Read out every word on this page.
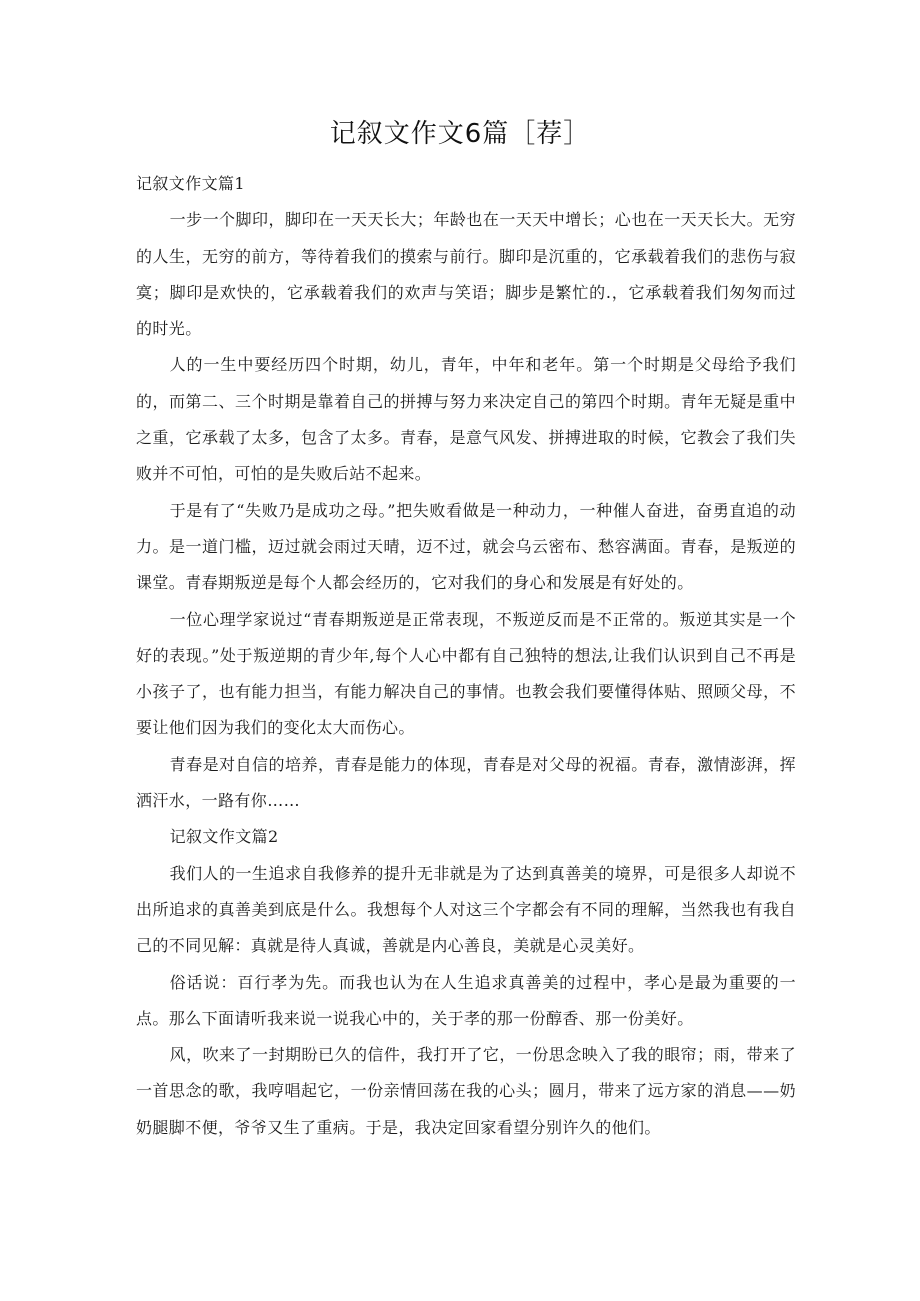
记叙文作文6篇［荐］

记叙文作文篇1

一步一个脚印，脚印在一天天长大；年龄也在一天天中增长；心也在一天天长大。无穷的人生，无穷的前方，等待着我们的摸索与前行。脚印是沉重的，它承载着我们的悲伤与寂寞；脚印是欢快的，它承载着我们的欢声与笑语；脚步是繁忙的.，它承载着我们匆匆而过的时光。

人的一生中要经历四个时期，幼儿，青年，中年和老年。第一个时期是父母给予我们的，而第二、三个时期是靠着自己的拼搏与努力来决定自己的第四个时期。青年无疑是重中之重，它承载了太多，包含了太多。青春，是意气风发、拼搏进取的时候，它教会了我们失败并不可怕，可怕的是失败后站不起来。

于是有了“失败乃是成功之母。”把失败看做是一种动力，一种催人奋进，奋勇直追的动力。是一道门槛，迈过就会雨过天晴，迈不过，就会乌云密布、愁容满面。青春，是叛逆的课堂。青春期叛逆是每个人都会经历的，它对我们的身心和发展是有好处的。

一位心理学家说过“青春期叛逆是正常表现，不叛逆反而是不正常的。叛逆其实是一个好的表现。”处于叛逆期的青少年,每个人心中都有自己独特的想法,让我们认识到自己不再是小孩子了，也有能力担当，有能力解决自己的事情。也教会我们要懂得体贴、照顾父母，不要让他们因为我们的变化太大而伤心。

青春是对自信的培养，青春是能力的体现，青春是对父母的祝福。青春，激情澎湃，挥洒汗水，一路有你……

记叙文作文篇2

我们人的一生追求自我修养的提升无非就是为了达到真善美的境界，可是很多人却说不出所追求的真善美到底是什么。我想每个人对这三个字都会有不同的理解，当然我也有我自己的不同见解：真就是待人真诚，善就是内心善良，美就是心灵美好。

俗话说：百行孝为先。而我也认为在人生追求真善美的过程中，孝心是最为重要的一点。那么下面请听我来说一说我心中的，关于孝的那一份醇香、那一份美好。

风，吹来了一封期盼已久的信件，我打开了它，一份思念映入了我的眼帘；雨，带来了一首思念的歌，我哼唱起它，一份亲情回荡在我的心头；圆月，带来了远方家的消息——奶奶腿脚不便，爷爷又生了重病。于是，我决定回家看望分别许久的他们。
